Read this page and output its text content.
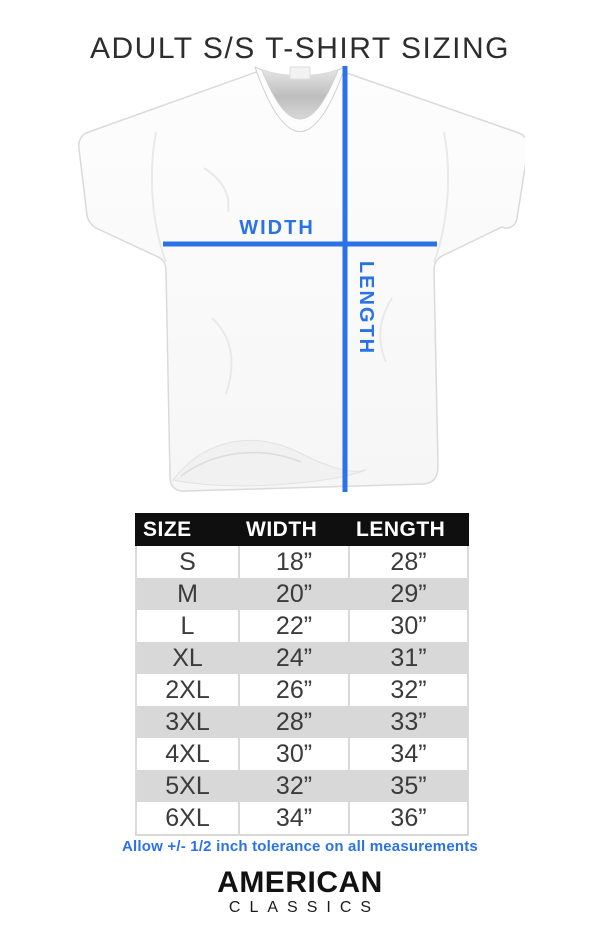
ADULT S/S T-SHIRT SIZING
WIDTH
LENGTH
SIZE	WIDTH	LENGTH
S	18”	28”
M	20”	29”
L	22”	30”
XL	24”	31”
2XL	26”	32”
3XL	28”	33”
4XL	30”	34”
5XL	32”	35”
6XL	34”	36”
Allow +/- 1/2 inch tolerance on all measurements
AMERICAN
CLASSICS
